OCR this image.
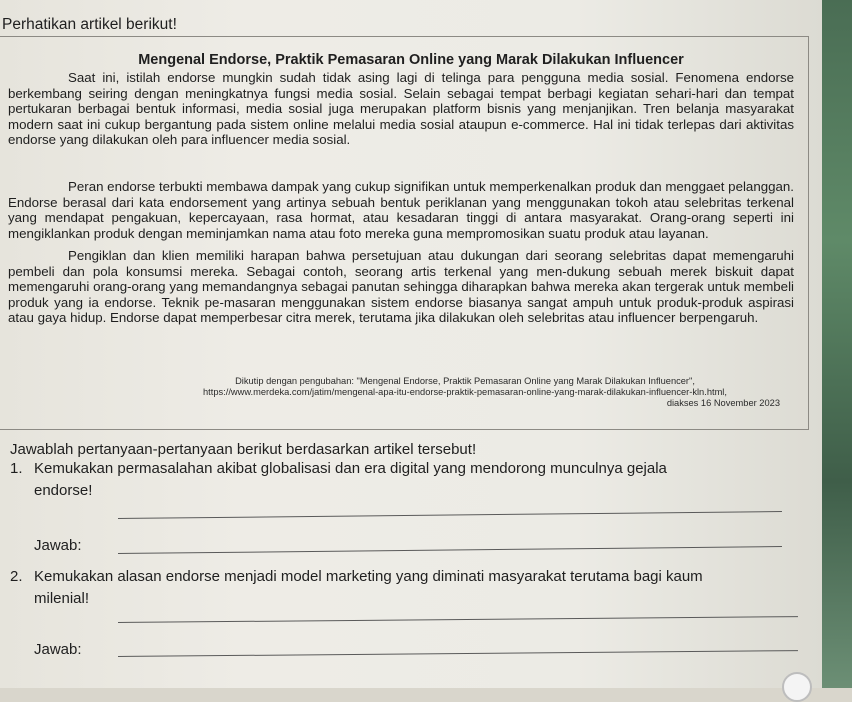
Perhatikan artikel berikut!
Mengenal Endorse, Praktik Pemasaran Online yang Marak Dilakukan Influencer
Saat ini, istilah endorse mungkin sudah tidak asing lagi di telinga para pengguna media sosial. Fenomena endorse berkembang seiring dengan meningkatnya fungsi media sosial. Selain sebagai tempat berbagi kegiatan sehari-hari dan tempat pertukaran berbagai bentuk informasi, media sosial juga merupakan platform bisnis yang menjanjikan. Tren belanja masyarakat modern saat ini cukup bergantung pada sistem online melalui media sosial ataupun e-commerce. Hal ini tidak terlepas dari aktivitas endorse yang dilakukan oleh para influencer media sosial.
Peran endorse terbukti membawa dampak yang cukup signifikan untuk memperkenalkan produk dan menggaet pelanggan. Endorse berasal dari kata endorsement yang artinya sebuah bentuk periklanan yang menggunakan tokoh atau selebritas terkenal yang mendapat pengakuan, kepercayaan, rasa hormat, atau kesadaran tinggi di antara masyarakat. Orang-orang seperti ini mengiklankan produk dengan meminjamkan nama atau foto mereka guna mempromosikan suatu produk atau layanan.
Pengiklan dan klien memiliki harapan bahwa persetujuan atau dukungan dari seorang selebritas dapat memengaruhi pembeli dan pola konsumsi mereka. Sebagai contoh, seorang artis terkenal yang men-dukung sebuah merek biskuit dapat memengaruhi orang-orang yang memandangnya sebagai panutan sehingga diharapkan bahwa mereka akan tergerak untuk membeli produk yang ia endorse. Teknik pe-masaran menggunakan sistem endorse biasanya sangat ampuh untuk produk-produk aspirasi atau gaya hidup. Endorse dapat memperbesar citra merek, terutama jika dilakukan oleh selebritas atau influencer berpengaruh.
Dikutip dengan pengubahan: "Mengenal Endorse, Praktik Pemasaran Online yang Marak Dilakukan Influencer", https://www.merdeka.com/jatim/mengenal-apa-itu-endorse-praktik-pemasaran-online-yang-marak-dilakukan-influencer-kln.html,
diakses 16 November 2023
Jawablah pertanyaan-pertanyaan berikut berdasarkan artikel tersebut!
1. Kemukakan permasalahan akibat globalisasi dan era digital yang mendorong munculnya gejala
endorse!
Jawab:
2. Kemukakan alasan endorse menjadi model marketing yang diminati masyarakat terutama bagi kaum
milenial!
Jawab:
